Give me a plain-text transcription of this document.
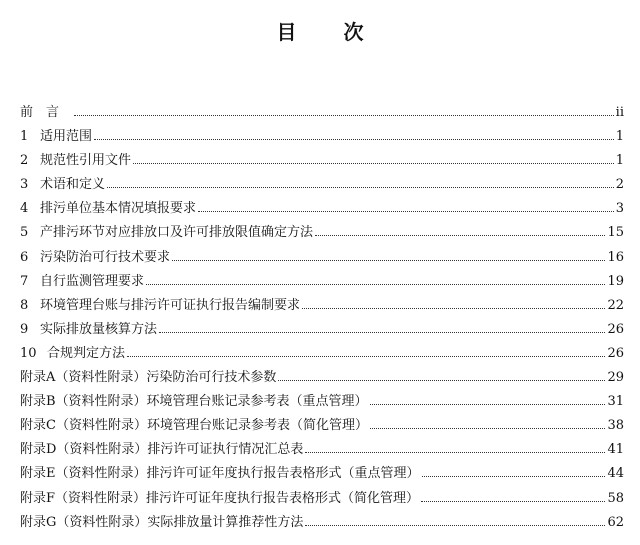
目 次
前言	ii
1 适用范围	1
2 规范性引用文件	1
3 术语和定义	2
4 排污单位基本情况填报要求	3
5 产排污环节对应排放口及许可排放限值确定方法	15
6 污染防治可行技术要求	16
7 自行监测管理要求	19
8 环境管理台账与排污许可证执行报告编制要求	22
9 实际排放量核算方法	26
10 合规判定方法	26
附录A（资料性附录）污染防治可行技术参数	29
附录B（资料性附录）环境管理台账记录参考表（重点管理）	31
附录C（资料性附录）环境管理台账记录参考表（简化管理）	38
附录D（资料性附录）排污许可证执行情况汇总表	41
附录E（资料性附录）排污许可证年度执行报告表格形式（重点管理）	44
附录F（资料性附录）排污许可证年度执行报告表格形式（简化管理）	58
附录G（资料性附录）实际排放量计算推荐性方法	62
